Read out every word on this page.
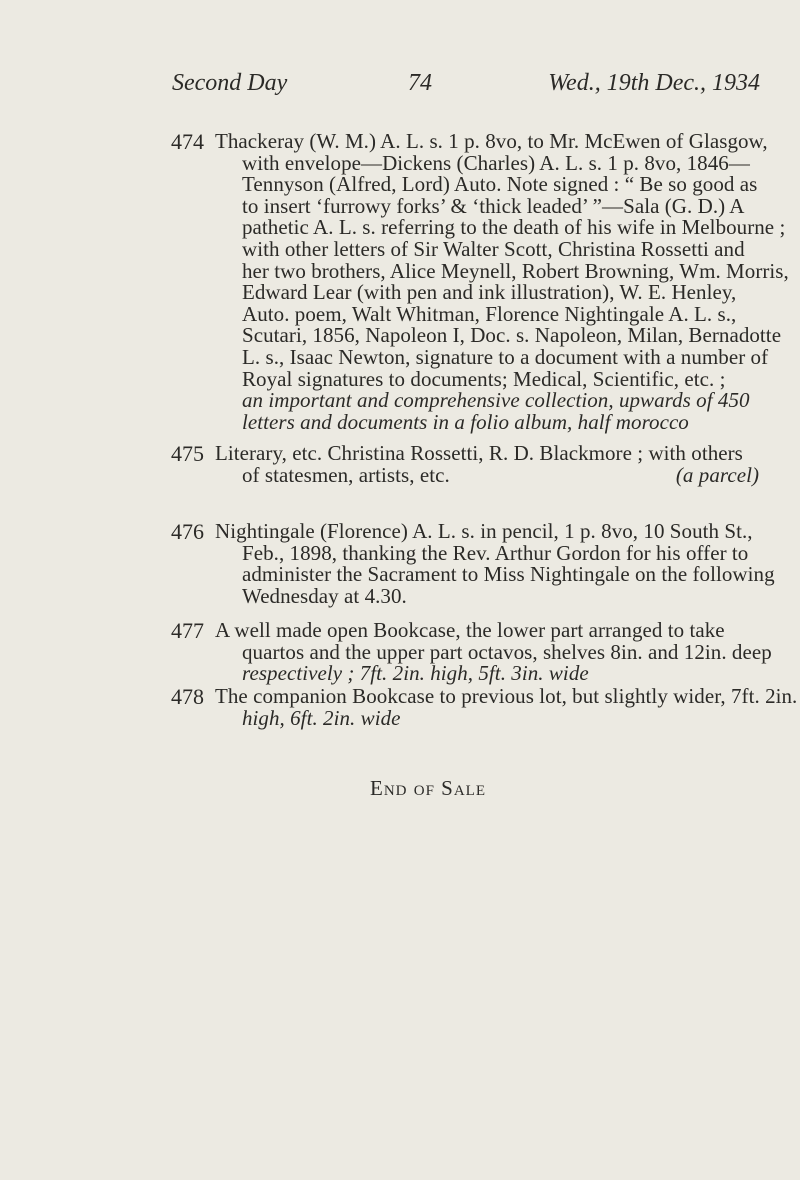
Second Day	74	Wed., 19th Dec., 1934
474 Thackeray (W. M.) A. L. s. 1 p. 8vo, to Mr. McEwen of Glasgow,
with envelope—Dickens (Charles) A. L. s. 1 p. 8vo, 1846—
Tennyson (Alfred, Lord) Auto. Note signed : “ Be so good as
to insert ‘furrowy forks’ & ‘thick leaded’ ”—Sala (G. D.) A
pathetic A. L. s. referring to the death of his wife in Melbourne ;
with other letters of Sir Walter Scott, Christina Rossetti and
her two brothers, Alice Meynell, Robert Browning, Wm. Morris,
Edward Lear (with pen and ink illustration), W. E. Henley,
Auto. poem, Walt Whitman, Florence Nightingale A. L. s.,
Scutari, 1856, Napoleon I, Doc. s. Napoleon, Milan, Bernadotte
L. s., Isaac Newton, signature to a document with a number of
Royal signatures to documents; Medical, Scientific, etc. ;
an important and comprehensive collection, upwards of 450
letters and documents in a folio album, half morocco
475 Literary, etc. Christina Rossetti, R. D. Blackmore ; with others
of statesmen, artists, etc.	(a parcel)
476 Nightingale (Florence) A. L. s. in pencil, 1 p. 8vo, 10 South St.,
Feb., 1898, thanking the Rev. Arthur Gordon for his offer to
administer the Sacrament to Miss Nightingale on the following
Wednesday at 4.30.
477 A well made open Bookcase, the lower part arranged to take
quartos and the upper part octavos, shelves 8in. and 12in. deep
respectively ; 7ft. 2in. high, 5ft. 3in. wide
478 The companion Bookcase to previous lot, but slightly wider, 7ft. 2in.
high, 6ft. 2in. wide
End of Sale
